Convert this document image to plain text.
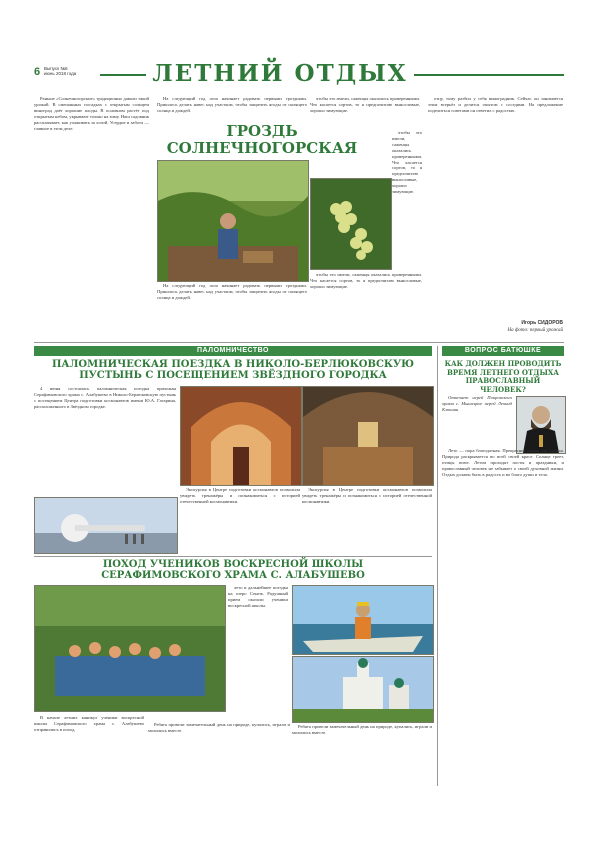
6 Выпуск №6
июнь 2018 года	ЛЕТНИЙ ОТДЫХ

Раньше «Солнечногорские» традиционно давали такой урожай. В смешанных посадках с открытым солнцем виноград даёт хорошие плоды. В основном растёт под открытым небом, укрывают только на зиму. Наш садовник рассказывает, как ухаживать за лозой. Усердие и забота — главное в этом деле.

На следующий год лоза начинает радовать первыми гроздьями. Пришлось делать навес над участком, чтобы защитить ягоды от палящего солнца и дождей.

чтобы это имели, саженцы оказались проверенными. Что касается сортов, то я предпочитаю выносливые, хорошо зимующие.

ГРОЗДЬ
СОЛНЕЧНОГОРСКАЯ

На следующий год лоза начинает радовать первыми гроздьями. Пришлось делать навес над участком, чтобы защитить ягоды от палящего солнца и дождей.

чтобы это имели, саженцы оказались проверенными. Что касается сортов, то я предпочитаю выносливые, хорошо зимующие.

чтобы это имели, саженцы оказались проверенными. Что касается сортов, то я предпочитаю выносливые, хорошо зимующие.

отцу, тому разбил у себя виноградник. Сейчас он занимается этим всерьёз и делится опытом с соседями. На предложение поделиться советами он ответил с радостью.

Игорь СИДОРОВ
На фото: первый урожай
ПАЛОМНИЧЕСТВО
ПАЛОМНИЧЕСКАЯ ПОЕЗДКА В НИКОЛО-БЕРЛЮКОВСКУЮ
ПУСТЫНЬ С ПОСЕЩЕНИЕМ ЗВЁЗДНОГО ГОРОДКА

4 июня состоялась паломническая поездка прихожан Серафимовского храма с. Алабушево в Николо-Берлюковскую пустынь с посещением Центра подготовки космонавтов имени Ю.А. Гагарина, расположенного в Звёздном городке.

Экскурсия в Центре подготовки космонавтов позволила увидеть тренажёры и познакомиться с историей отечественной космонавтики.

Экскурсия в Центре подготовки космонавтов позволила увидеть тренажёры и познакомиться с историей отечественной космонавтики.

ВОПРОС БАТЮШКЕ
КАК ДОЛЖЕН ПРОВОДИТЬ ВРЕМЯ ЛЕТНЕГО ОТДЫХА ПРАВОСЛАВНЫЙ ЧЕЛОВЕК?

Отвечает иерей Покровского храма с. Мышецкое иерей Леонид Клюшин

Лето — пора благодатная. Прекрасное время для отдыха. Природа раскрывается во всей своей красе. Солнце греет, птицы поют. Летом проходят посты и праздники, и православный человек не забывает о своей духовной жизни. Отдых должен быть в радость и во благо души и тела.

ПОХОД УЧЕНИКОВ ВОСКРЕСНОЙ ШКОЛЫ
СЕРАФИМОВСКОГО ХРАМА С. АЛАБУШЕВО

лето и дальнейшее поездка на озеро Сенеж. Радушный прием оказали ученики воскресной школы.

В начале летних каникул ученики воскресной школы Серафимовского храма с. Алабушево отправились в поход.

Ребята провели замечательный день на природе, купались, играли и молились вместе.

Ребята провели замечательный день на природе, купались, играли и молились вместе.
